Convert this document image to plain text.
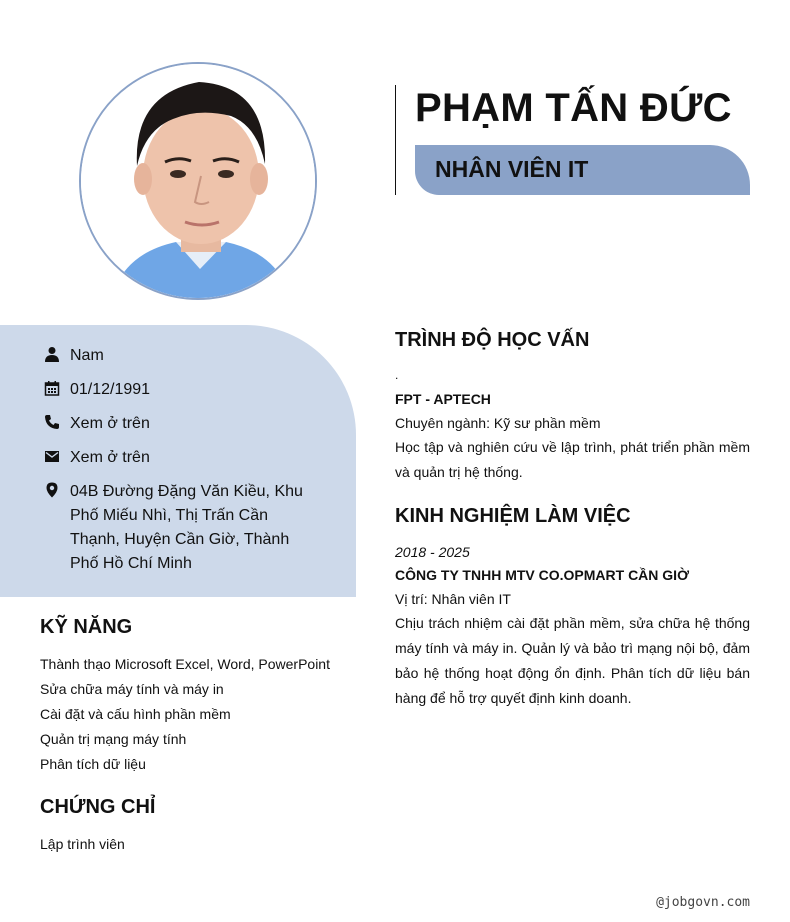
PHẠM TẤN ĐỨC
NHÂN VIÊN IT
Nam
01/12/1991
Xem ở trên
Xem ở trên
04B Đường Đặng Văn Kiều, Khu Phố Miếu Nhì, Thị Trấn Cần Thạnh, Huyện Cần Giờ, Thành Phố Hồ Chí Minh
KỸ NĂNG
Thành thạo Microsoft Excel, Word, PowerPoint
Sửa chữa máy tính và máy in
Cài đặt và cấu hình phần mềm
Quản trị mạng máy tính
Phân tích dữ liệu
CHỨNG CHỈ
Lập trình viên
TRÌNH ĐỘ HỌC VẤN
.
FPT - APTECH
Chuyên ngành: Kỹ sư phần mềm
Học tập và nghiên cứu về lập trình, phát triển phần mềm và quản trị hệ thống.
KINH NGHIỆM LÀM VIỆC
2018 - 2025
CÔNG TY TNHH MTV CO.OPMART CẦN GIỜ
Vị trí: Nhân viên IT
Chịu trách nhiệm cài đặt phần mềm, sửa chữa hệ thống máy tính và máy in. Quản lý và bảo trì mạng nội bộ, đảm bảo hệ thống hoạt động ổn định. Phân tích dữ liệu bán hàng để hỗ trợ quyết định kinh doanh.
@jobgovn.com
